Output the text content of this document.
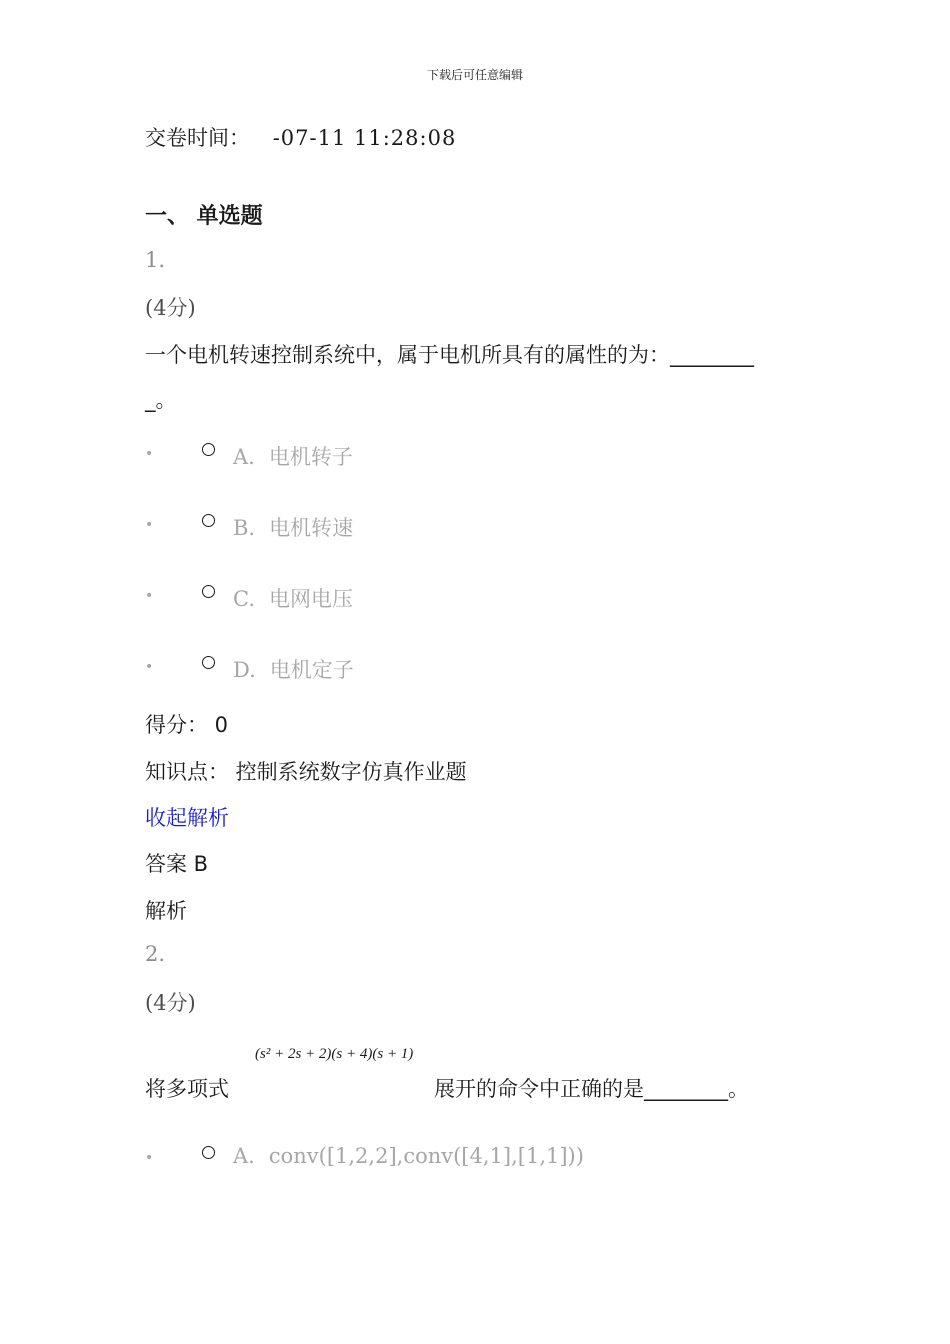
下载后可任意编辑
交卷时间： -07-11 11:28:08
一、 单选题
1.
(4分)
一个电机转速控制系统中，属于电机所具有的属性的为：________
_。
•	A. 电机转子
•	B. 电机转速
•	C. 电网电压
•	D. 电机定子
得分： 0
知识点： 控制系统数字仿真作业题
收起解析
答案 B
解析
2.
(4分)
(s² + 2s + 2)(s + 4)(s + 1)
将多项式	展开的命令中正确的是________。
•	A. conv([1,2,2],conv([4,1],[1,1]))
